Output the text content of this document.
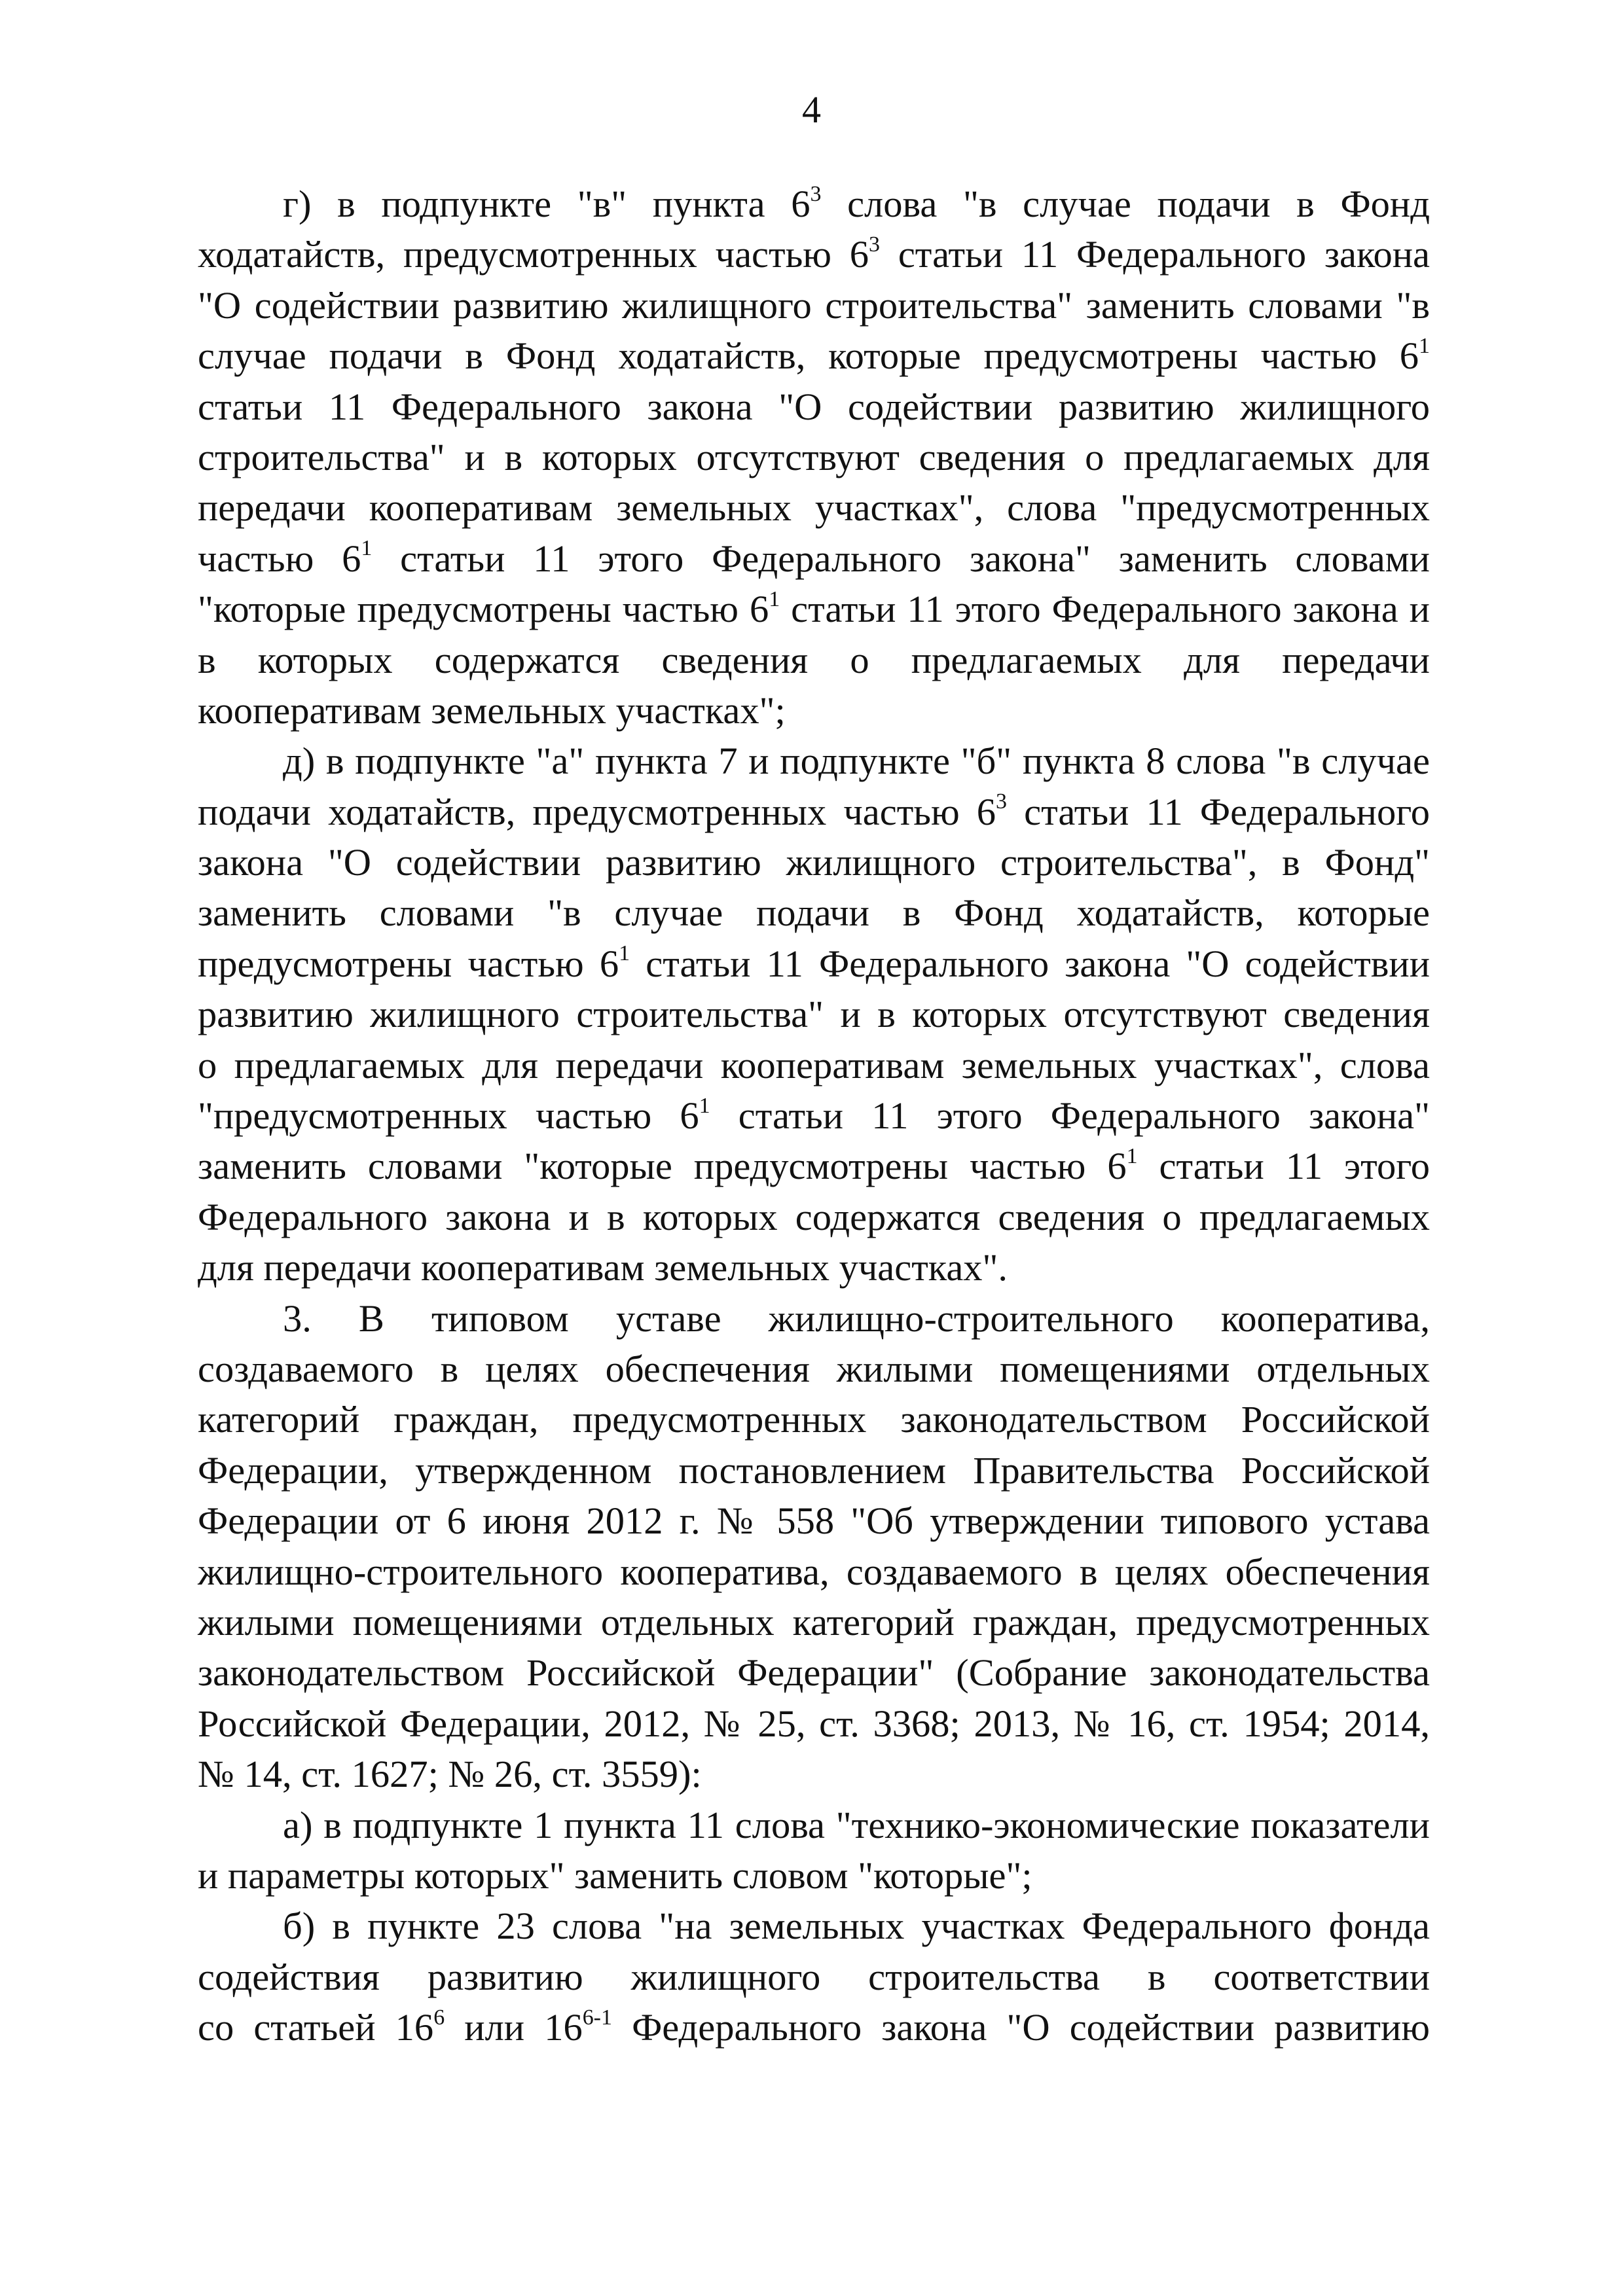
4
г) в подпункте "в" пункта $6^3$ слова "в случае подачи в Фонд
ходатайств, предусмотренных частью $6^3$ статьи 11 Федерального закона
"О содействии развитию жилищного строительства" заменить словами "в
случае подачи в Фонд ходатайств, которые предусмотрены частью $6^1$
статьи 11 Федерального закона "О содействии развитию жилищного
строительства" и в которых отсутствуют сведения о предлагаемых для
передачи кооперативам земельных участках", слова "предусмотренных
частью $6^1$ статьи 11 этого Федерального закона" заменить словами
"которые предусмотрены частью $6^1$ статьи 11 этого Федерального закона и
в которых содержатся сведения о предлагаемых для передачи
кооперативам земельных участках";
д) в подпункте "а" пункта 7 и подпункте "б" пункта 8 слова "в случае
подачи ходатайств, предусмотренных частью $6^3$ статьи 11 Федерального
закона "О содействии развитию жилищного строительства", в Фонд"
заменить словами "в случае подачи в Фонд ходатайств, которые
предусмотрены частью $6^1$ статьи 11 Федерального закона "О содействии
развитию жилищного строительства" и в которых отсутствуют сведения
о предлагаемых для передачи кооперативам земельных участках", слова
"предусмотренных частью $6^1$ статьи 11 этого Федерального закона"
заменить словами "которые предусмотрены частью $6^1$ статьи 11 этого
Федерального закона и в которых содержатся сведения о предлагаемых
для передачи кооперативам земельных участках".
3. В типовом уставе жилищно-строительного кооператива,
создаваемого в целях обеспечения жилыми помещениями отдельных
категорий граждан, предусмотренных законодательством Российской
Федерации, утвержденном постановлением Правительства Российской
Федерации от 6 июня 2012 г. № 558 "Об утверждении типового устава
жилищно-строительного кооператива, создаваемого в целях обеспечения
жилыми помещениями отдельных категорий граждан, предусмотренных
законодательством Российской Федерации" (Собрание законодательства
Российской Федерации, 2012, № 25, ст. 3368; 2013, № 16, ст. 1954; 2014,
№ 14, ст. 1627; № 26, ст. 3559):
а) в подпункте 1 пункта 11 слова "технико-экономические показатели
и параметры которых" заменить словом "которые";
б) в пункте 23 слова "на земельных участках Федерального фонда
содействия развитию жилищного строительства в соответствии
со статьей $16^6$ или 16$^{6-1}$ Федерального закона "О содействии развитию
